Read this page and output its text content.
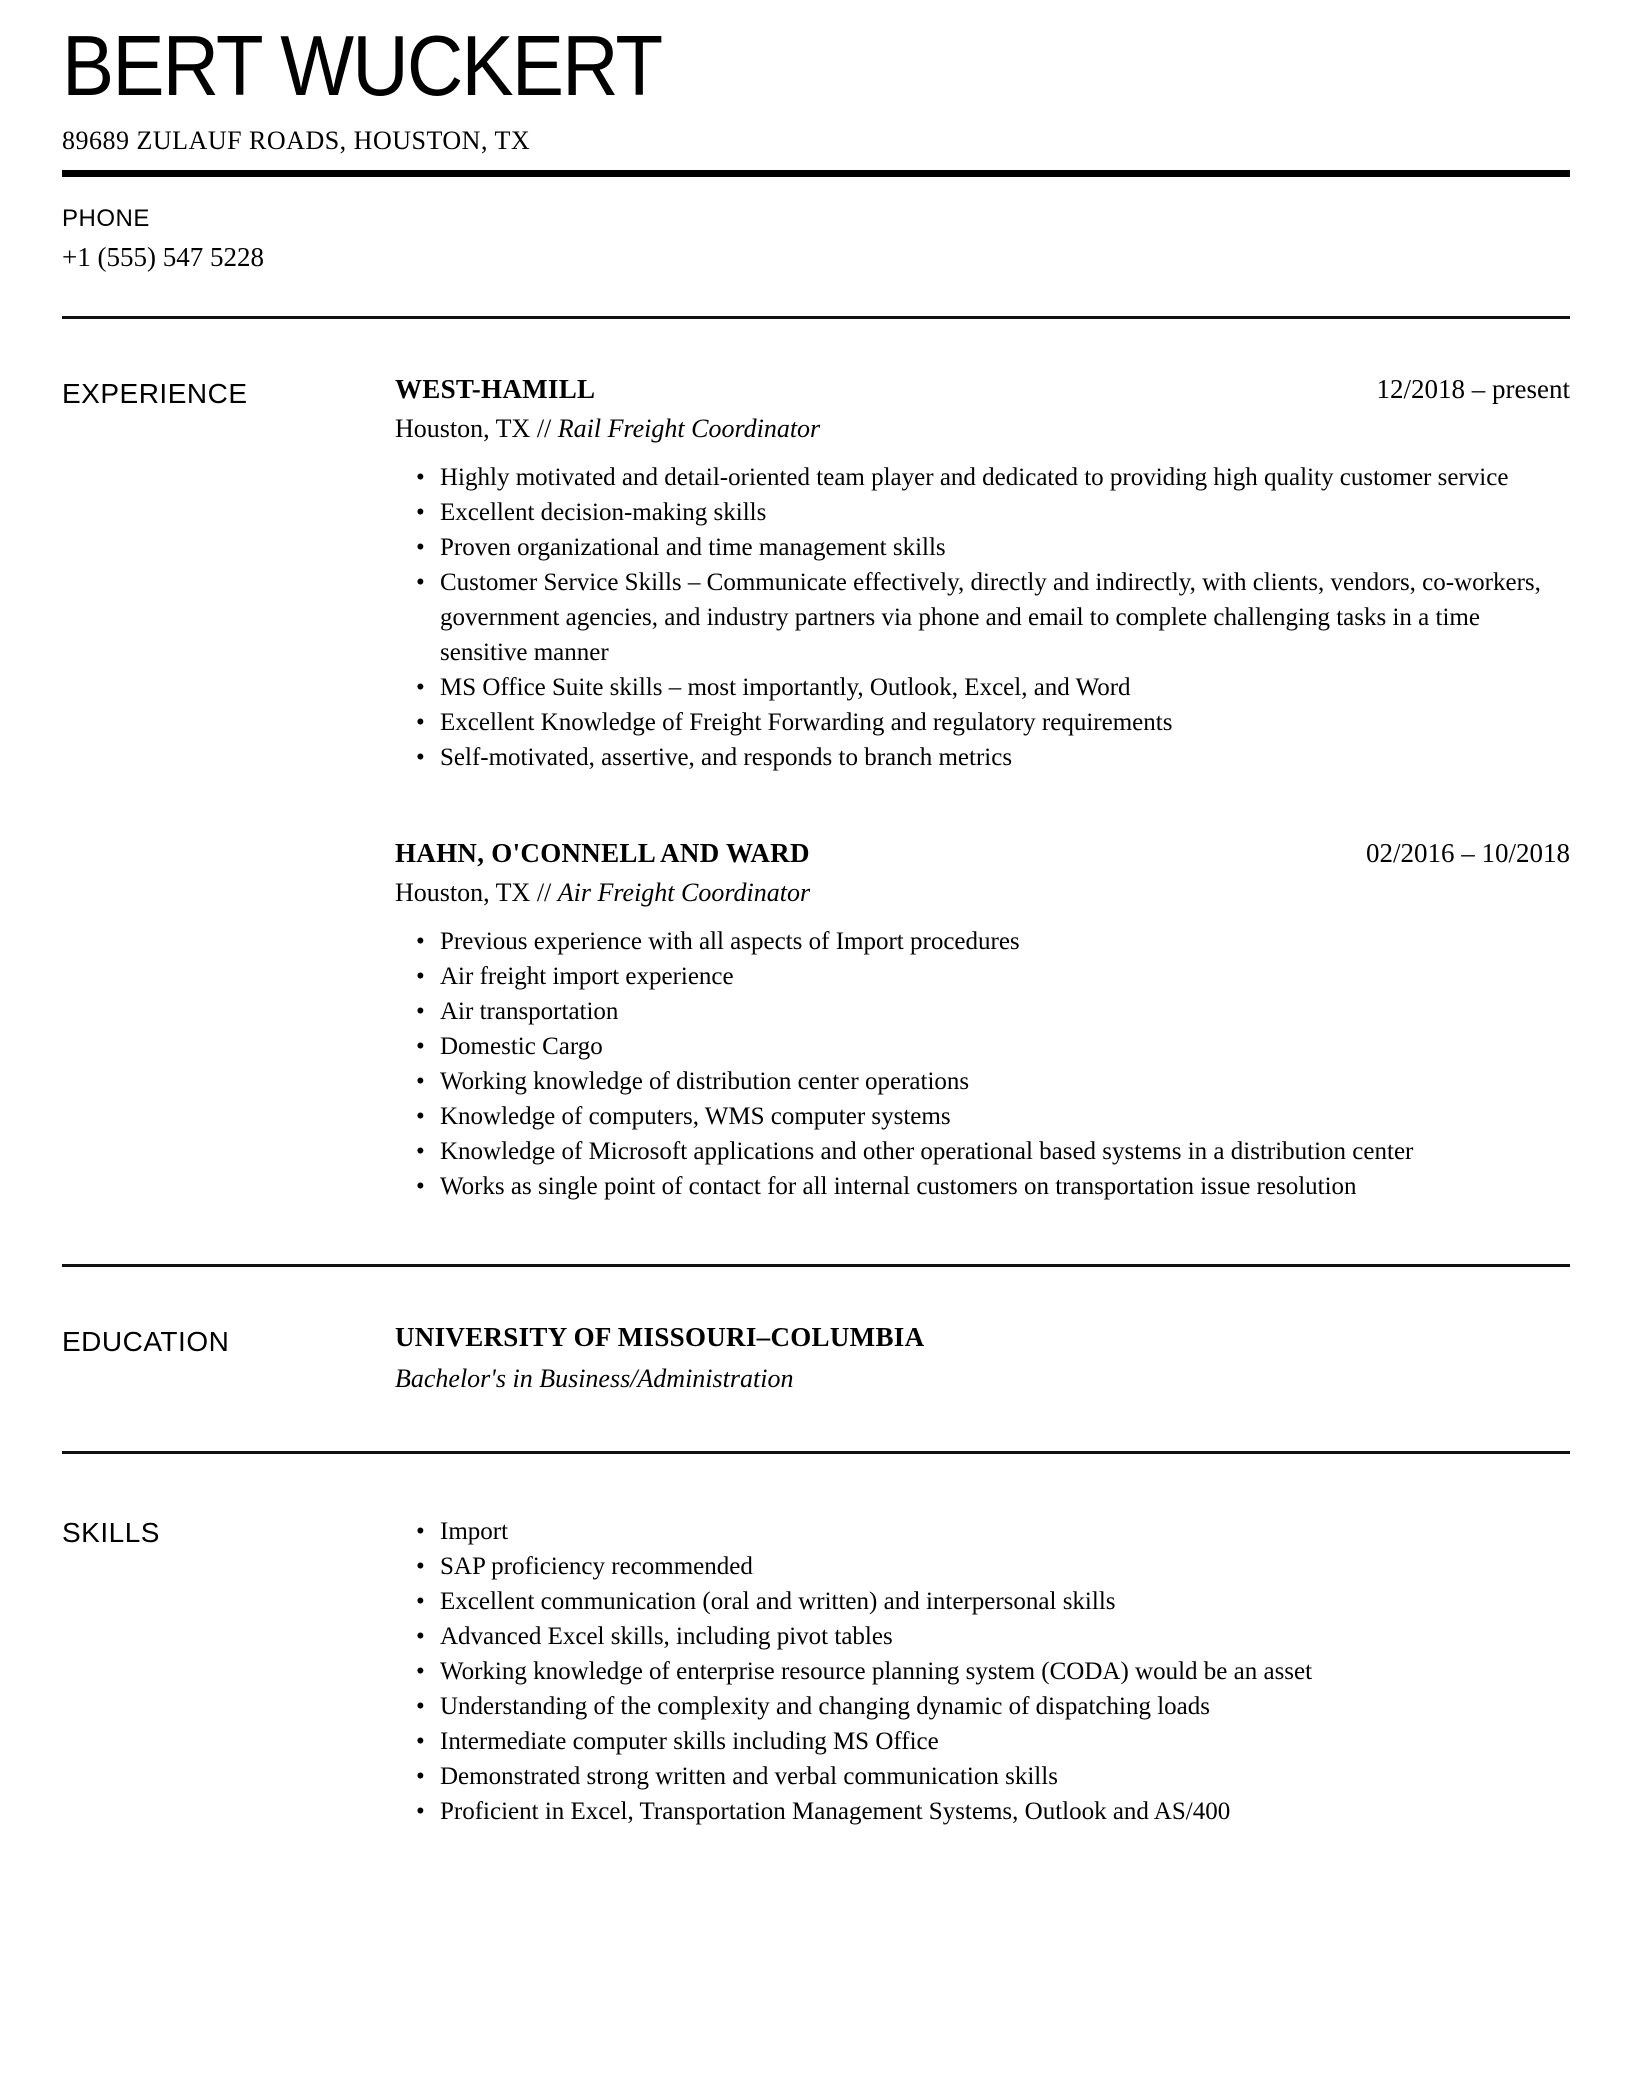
BERT WUCKERT
89689 ZULAUF ROADS, HOUSTON, TX
PHONE
+1 (555) 547 5228
EXPERIENCE	WEST-HAMILL	12/2018 – present
Houston, TX // Rail Freight Coordinator
• Highly motivated and detail-oriented team player and dedicated to providing high quality customer service
• Excellent decision-making skills
• Proven organizational and time management skills
• Customer Service Skills – Communicate effectively, directly and indirectly, with clients, vendors, co-workers, government agencies, and industry partners via phone and email to complete challenging tasks in a time sensitive manner
• MS Office Suite skills – most importantly, Outlook, Excel, and Word
• Excellent Knowledge of Freight Forwarding and regulatory requirements
• Self-motivated, assertive, and responds to branch metrics
HAHN, O'CONNELL AND WARD	02/2016 – 10/2018
Houston, TX // Air Freight Coordinator
• Previous experience with all aspects of Import procedures
• Air freight import experience
• Air transportation
• Domestic Cargo
• Working knowledge of distribution center operations
• Knowledge of computers, WMS computer systems
• Knowledge of Microsoft applications and other operational based systems in a distribution center
• Works as single point of contact for all internal customers on transportation issue resolution
EDUCATION	UNIVERSITY OF MISSOURI–COLUMBIA
Bachelor's in Business/Administration
SKILLS	• Import
• SAP proficiency recommended
• Excellent communication (oral and written) and interpersonal skills
• Advanced Excel skills, including pivot tables
• Working knowledge of enterprise resource planning system (CODA) would be an asset
• Understanding of the complexity and changing dynamic of dispatching loads
• Intermediate computer skills including MS Office
• Demonstrated strong written and verbal communication skills
• Proficient in Excel, Transportation Management Systems, Outlook and AS/400
